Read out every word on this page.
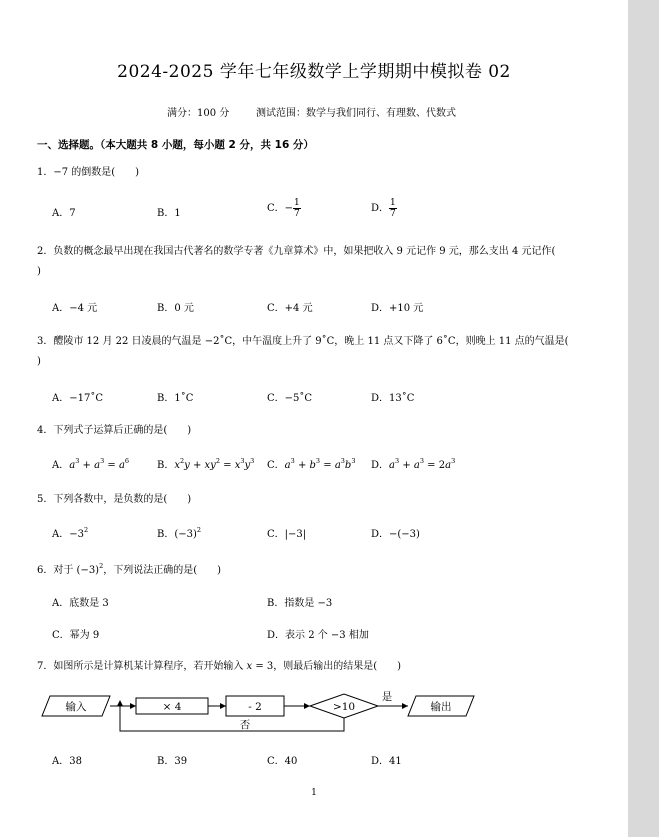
2024-2025 学年七年级数学上学期期中模拟卷 02
满分：100 分	测试范围：数学与我们同行、有理数、代数式
一、选择题。（本大题共 8 小题，每小题 2 分，共 16 分）
1．−7 的倒数是(　　)
A．7	B．1	C．− $\frac{1}{7}$	D． $\frac{1}{7}$
2．负数的概念最早出现在我国古代著名的数学专著《九章算术》中，如果把收入 9 元记作 9 元，那么支出 4 元记作(
)
A．−4 元	B．0 元	C．+4 元	D．+10 元
3．醴陵市 12 月 22 日凌晨的气温是 −2˚C，中午温度上升了 9˚C，晚上 11 点又下降了 6˚C，则晚上 11 点的气温是(
)
A．−17˚C	B．1˚C	C．−5˚C	D．13˚C
4．下列式子运算后正确的是(　　)
A．$a^3 + a^3 = a^6$	B．$x^2y + xy^2 = x^3y^3$ C．$a^3 + b^3 = a^3b^3$ D．$a^3 + a^3 = 2a^3$
5．下列各数中，是负数的是(　　)
A．$-3^2$	B．$(-3)^2$	C．|−3|	D．−(−3)
6．对于 $(-3)^2$，下列说法正确的是(　　)
A．底数是 3	B．指数是 −3
C．幂为 9	D．表示 2 个 −3 相加
7．如图所示是计算机某计算程序，若开始输入 x = 3，则最后输出的结果是(　　)
输入	× 4	- 2	>10
是
否
输出
A．38	B．39	C．40	D．41
1
